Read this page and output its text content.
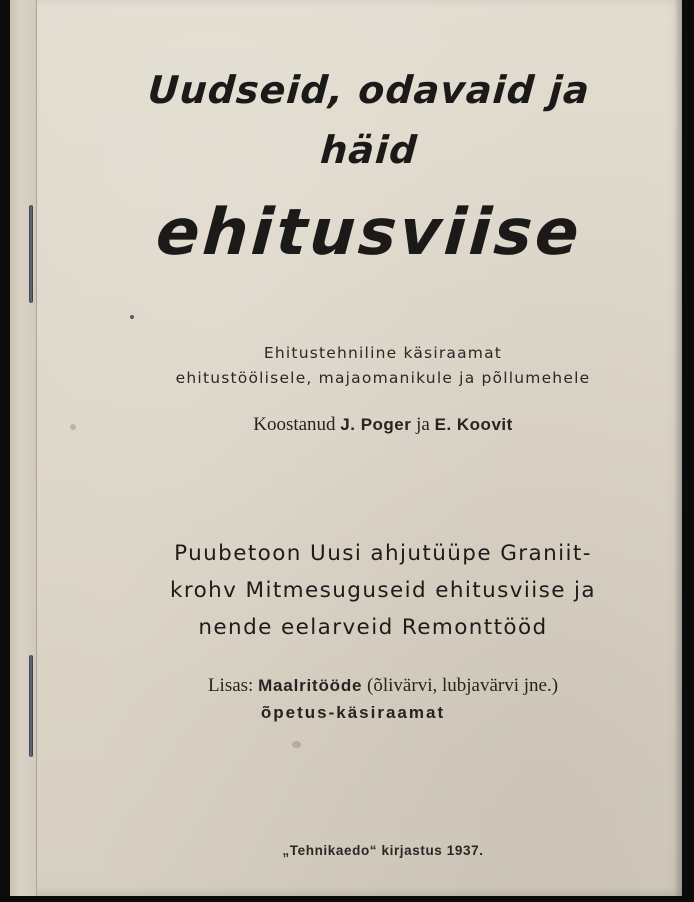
Uudseid, odavaid ja
häid
ehitusviise
Ehitustehniline käsiraamat
ehitustöölisele, majaomanikule ja põllumehele
Koostanud J. Poger ja E. Koovit
Puubetoon Uusi ahjutüüpe Graniit-
krohv Mitmesuguseid ehitusviise ja
nende eelarveid Remonttööd
Lisas: Maalritööde (õlivärvi, lubjavärvi jne.)
õpetus-käsiraamat
„Tehnikaedo“ kirjastus 1937.
